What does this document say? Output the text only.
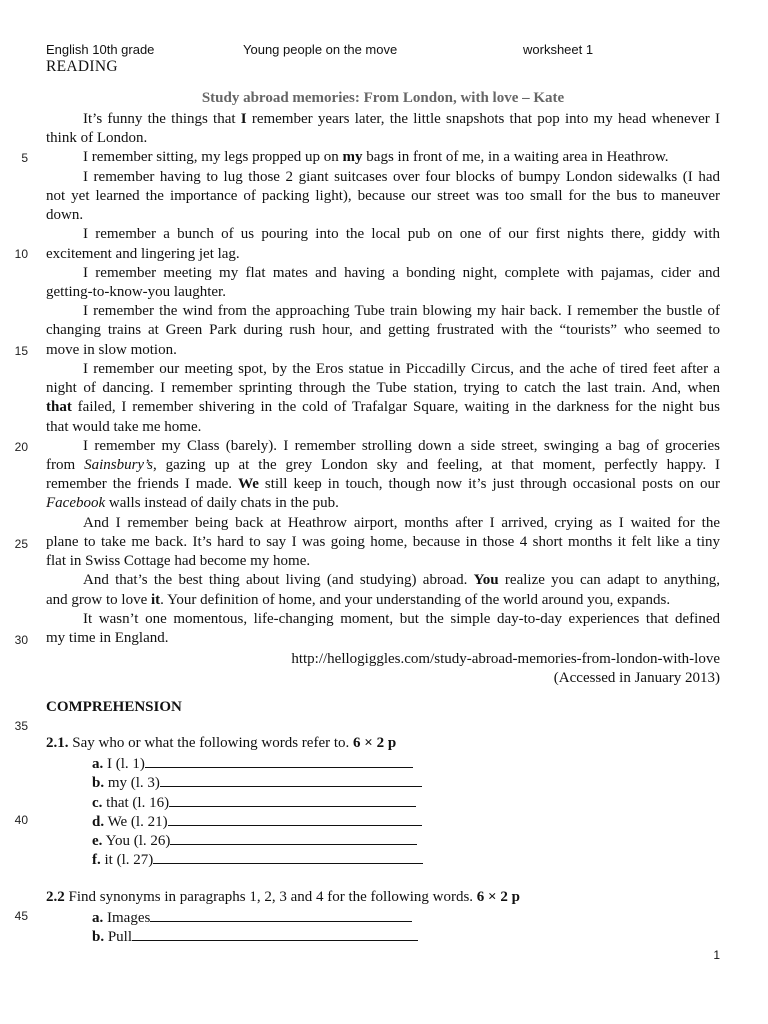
English 10th grade	Young people on the move	worksheet 1
READING
Study abroad memories: From London, with love – Kate
It’s funny the things that I remember years later, the little snapshots that pop into my head whenever I
think of London.
I remember sitting, my legs propped up on my bags in front of me, in a waiting area in Heathrow.
I remember having to lug those 2 giant suitcases over four blocks of bumpy London sidewalks (I had
not yet learned the importance of packing light), because our street was too small for the bus to maneuver
down.
I remember a bunch of us pouring into the local pub on one of our first nights there, giddy with
excitement and lingering jet lag.
I remember meeting my flat mates and having a bonding night, complete with pajamas, cider and
getting-to-know-you laughter.
I remember the wind from the approaching Tube train blowing my hair back. I remember the bustle of
changing trains at Green Park during rush hour, and getting frustrated with the “tourists” who seemed to
move in slow motion.
I remember our meeting spot, by the Eros statue in Piccadilly Circus, and the ache of tired feet after a
night of dancing. I remember sprinting through the Tube station, trying to catch the last train. And, when
that failed, I remember shivering in the cold of Trafalgar Square, waiting in the darkness for the night bus
that would take me home.
I remember my Class (barely). I remember strolling down a side street, swinging a bag of groceries
from Sainsbury’s, gazing up at the grey London sky and feeling, at that moment, perfectly happy. I
remember the friends I made. We still keep in touch, though now it’s just through occasional posts on our
Facebook walls instead of daily chats in the pub.
And I remember being back at Heathrow airport, months after I arrived, crying as I waited for the
plane to take me back. It’s hard to say I was going home, because in those 4 short months it felt like a tiny
flat in Swiss Cottage had become my home.
And that’s the best thing about living (and studying) abroad. You realize you can adapt to anything,
and grow to love it. Your definition of home, and your understanding of the world around you, expands.
It wasn’t one momentous, life-changing moment, but the simple day-to-day experiences that defined
my time in England.
http://hellogiggles.com/study-abroad-memories-from-london-with-love
(Accessed in January 2013)
5
10
15
20
25
30
35
40
45
COMPREHENSION
2.1. Say who or what the following words refer to. 6 × 2 p
a. I (l. 1)
b. my (l. 3)
c. that (l. 16)
d. We (l. 21)
e. You (l. 26)
f. it (l. 27)
2.2 Find synonyms in paragraphs 1, 2, 3 and 4 for the following words. 6 × 2 p
a. Images
b. Pull
1
